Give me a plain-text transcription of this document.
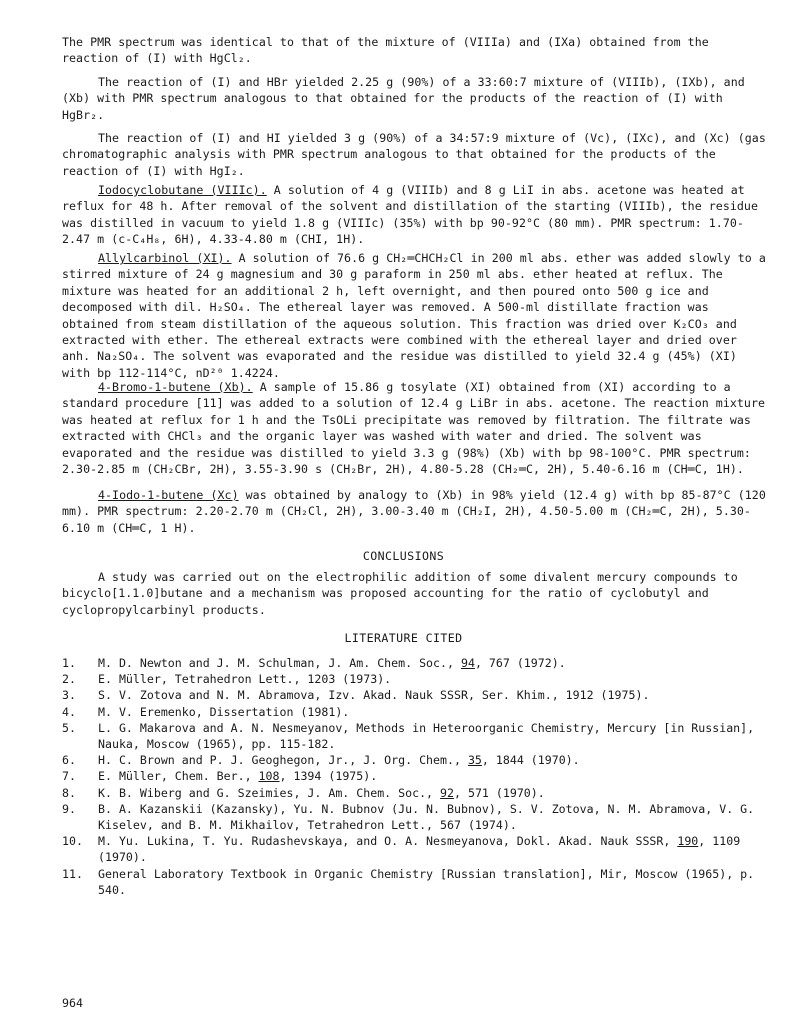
The PMR spectrum was identical to that of the mixture of (VIIIa) and (IXa) obtained from the reaction of (I) with HgCl₂.

The reaction of (I) and HBr yielded 2.25 g (90%) of a 33:60:7 mixture of (VIIIb), (IXb), and (Xb) with PMR spectrum analogous to that obtained for the products of the reaction of (I) with HgBr₂.

The reaction of (I) and HI yielded 3 g (90%) of a 34:57:9 mixture of (Vc), (IXc), and (Xc) (gas chromatographic analysis with PMR spectrum analogous to that obtained for the products of the reaction of (I) with HgI₂.

Iodocyclobutane (VIIIc). A solution of 4 g (VIIIb) and 8 g LiI in abs. acetone was heated at reflux for 48 h. After removal of the solvent and distillation of the starting (VIIIb), the residue was distilled in vacuum to yield 1.8 g (VIIIc) (35%) with bp 90-92°C (80 mm). PMR spectrum: 1.70-2.47 m (c-C₄H₈, 6H), 4.33-4.80 m (CHI, 1H).

Allylcarbinol (XI). A solution of 76.6 g CH₂═CHCH₂Cl in 200 ml abs. ether was added slowly to a stirred mixture of 24 g magnesium and 30 g paraform in 250 ml abs. ether heated at reflux. The mixture was heated for an additional 2 h, left overnight, and then poured onto 500 g ice and decomposed with dil. H₂SO₄. The ethereal layer was removed. A 500-ml distillate fraction was obtained from steam distillation of the aqueous solution. This fraction was dried over K₂CO₃ and extracted with ether. The ethereal extracts were combined with the ethereal layer and dried over anh. Na₂SO₄. The solvent was evaporated and the residue was distilled to yield 32.4 g (45%) (XI) with bp 112-114°C, nD²⁰ 1.4224.

4-Bromo-1-butene (Xb). A sample of 15.86 g tosylate (XI) obtained from (XI) according to a standard procedure [11] was added to a solution of 12.4 g LiBr in abs. acetone. The reaction mixture was heated at reflux for 1 h and the TsOLi precipitate was removed by filtration. The filtrate was extracted with CHCl₃ and the organic layer was washed with water and dried. The solvent was evaporated and the residue was distilled to yield 3.3 g (98%) (Xb) with bp 98-100°C. PMR spectrum: 2.30-2.85 m (CH₂CBr, 2H), 3.55-3.90 s (CH₂Br, 2H), 4.80-5.28 (CH₂═C, 2H), 5.40-6.16 m (CH═C, 1H).

4-Iodo-1-butene (Xc) was obtained by analogy to (Xb) in 98% yield (12.4 g) with bp 85-87°C (120 mm). PMR spectrum: 2.20-2.70 m (CH₂Cl, 2H), 3.00-3.40 m (CH₂I, 2H), 4.50-5.00 m (CH₂═C, 2H), 5.30-6.10 m (CH═C, 1 H).

CONCLUSIONS

A study was carried out on the electrophilic addition of some divalent mercury compounds to bicyclo[1.1.0]butane and a mechanism was proposed accounting for the ratio of cyclobutyl and cyclopropylcarbinyl products.

LITERATURE CITED

1.	M. D. Newton and J. M. Schulman, J. Am. Chem. Soc., 94, 767 (1972).
2.	E. Müller, Tetrahedron Lett., 1203 (1973).
3.	S. V. Zotova and N. M. Abramova, Izv. Akad. Nauk SSSR, Ser. Khim., 1912 (1975).
4.	M. V. Eremenko, Dissertation (1981).
5.	L. G. Makarova and A. N. Nesmeyanov, Methods in Heteroorganic Chemistry, Mercury [in Russian], Nauka, Moscow (1965), pp. 115-182.
6.	H. C. Brown and P. J. Geoghegon, Jr., J. Org. Chem., 35, 1844 (1970).
7.	E. Müller, Chem. Ber., 108, 1394 (1975).
8.	K. B. Wiberg and G. Szeimies, J. Am. Chem. Soc., 92, 571 (1970).
9.	B. A. Kazanskii (Kazansky), Yu. N. Bubnov (Ju. N. Bubnov), S. V. Zotova, N. M. Abramova, V. G. Kiselev, and B. M. Mikhailov, Tetrahedron Lett., 567 (1974).
10.	M. Yu. Lukina, T. Yu. Rudashevskaya, and O. A. Nesmeyanova, Dokl. Akad. Nauk SSSR, 190, 1109 (1970).
11.	General Laboratory Textbook in Organic Chemistry [Russian translation], Mir, Moscow (1965), p. 540.
964
